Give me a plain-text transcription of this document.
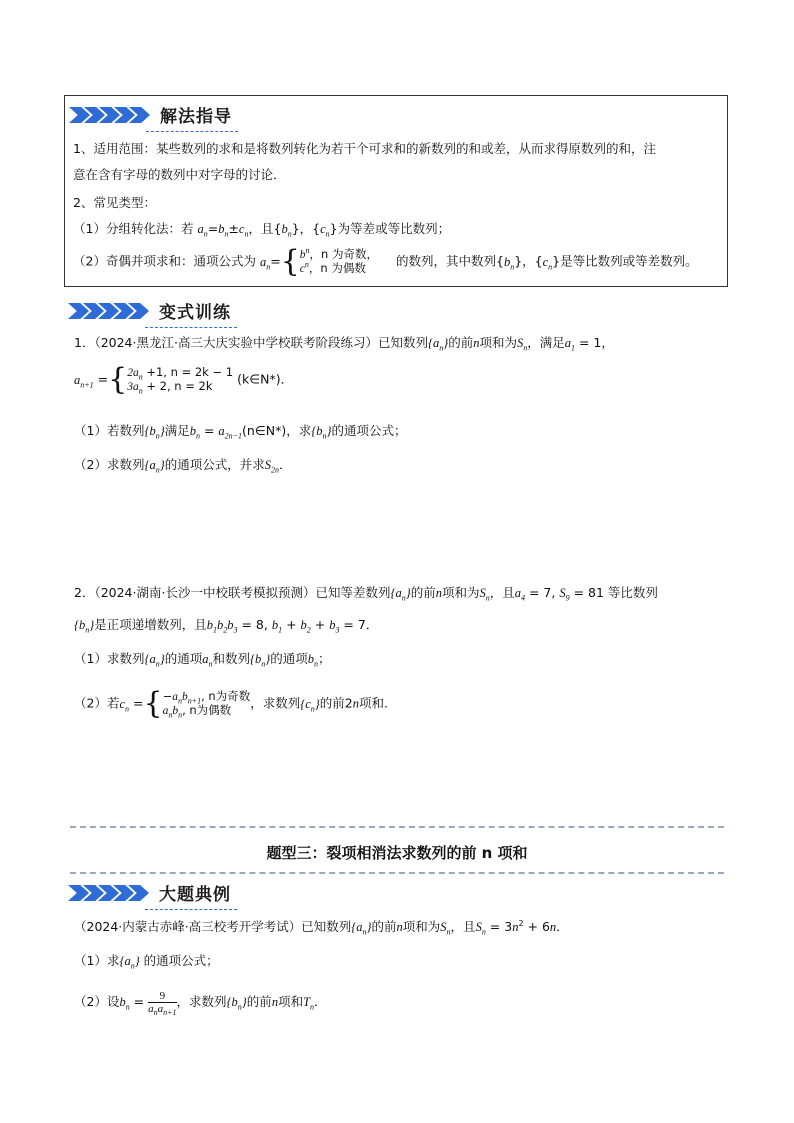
解法指导
1、适用范围：某些数列的求和是将数列转化为若干个可求和的新数列的和或差，从而求得原数列的和，注
意在含有字母的数列中对字母的讨论．
2、常见类型：
（1）分组转化法：若 $a_n=b_n\pm c_n$，且$\{b_n\}$，$\{c_n\}$为等差或等比数列；
（2）奇偶并项求和：通项公式为 $a_n=${ $b^n$，n 为奇数，
$c^n$，n 为偶数	的数列，其中数列$\{b_n\}$，$\{c_n\}$是等比数列或等差数列。
变式训练
1．（2024·黑龙江·高三大庆实验中学校联考阶段练习）已知数列$\{a_n\}$的前n项和为$S_n$，满足$a_1 = 1$，
$a_{n+1}$ ={ $2a_n +1$, n = 2k − 1
$3a_n + 2$, n = 2k	(k∈N*)．
（1）若数列$\{b_n\}$满足$b_n$ = $a_{2n-1}(n\in N*)$，求$\{b_n\}$的通项公式；
（2）求数列$\{a_n\}$的通项公式，并求$S_{2n}$．
2．（2024·湖南·长沙一中校联考模拟预测）已知等差数列$\{a_n\}$的前n项和为$S_n$，且$a_4 = 7$, $S_9 = 81$ 等比数列
$\{b_n\}$是正项递增数列，且$b_1b_2b_3 = 8$, $b_1 + b_2 + b_3 = 7$．
（1）求数列$\{a_n\}$的通项$a_n$和数列$\{b_n\}$的通项$b_n$；
（2）若$c_n$ ={ $-a_nb_{n+1}$, n为奇数
$a_nb_n$, n为偶数	，求数列$\{c_n\}$的前2n项和.
题型三：裂项相消法求数列的前 n 项和
大题典例
（2024·内蒙古赤峰·高三校考开学考试）已知数列$\{a_n\}$的前n项和为$S_n$，且$S_n = 3n^2 + 6n$．
（1）求$\{a_n\}$ 的通项公式；
（2）设$b_n = \frac{9}{a_na_{n+1}}$ ，求数列$\{b_n\}$的前n项和$T_n$．
